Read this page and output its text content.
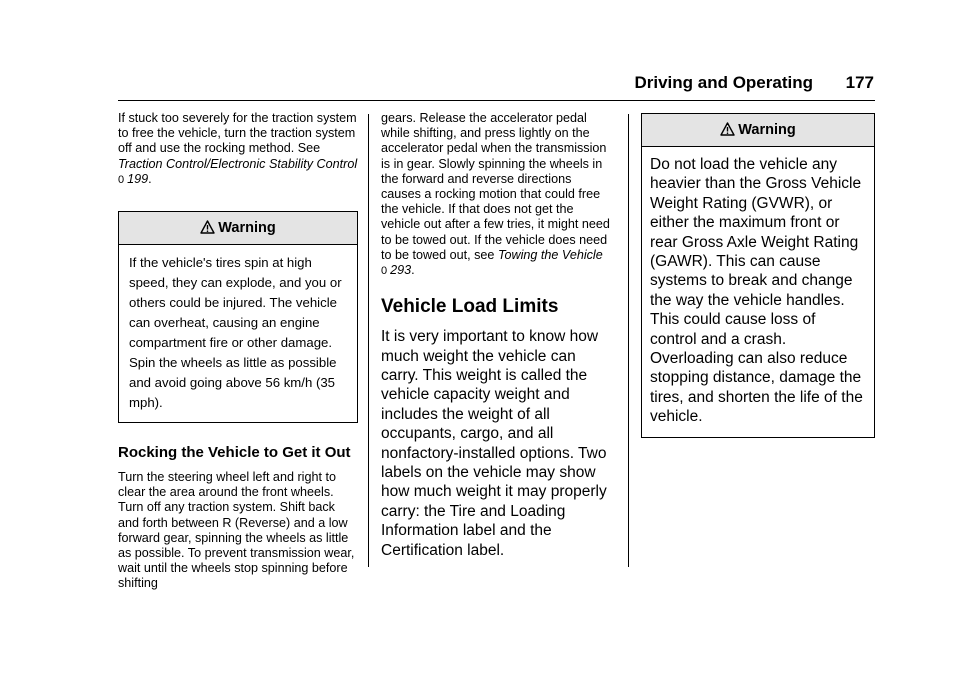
Driving and Operating 177

If stuck too severely for the traction system to free the vehicle, turn the traction system off and use the rocking method. See Traction Control/Electronic Stability Control
0 199.

Warning

If the vehicle's tires spin at high speed, they can explode, and you or others could be injured. The vehicle can overheat, causing an engine compartment fire or other damage. Spin the wheels as little as possible and avoid going above 56 km/h (35 mph).

Rocking the Vehicle to Get it Out

Turn the steering wheel left and right to clear the area around the front wheels. Turn off any traction system. Shift back and forth between R (Reverse) and a low forward gear, spinning the wheels as little as possible. To prevent transmission wear, wait until the wheels stop spinning before shifting

gears. Release the accelerator pedal while shifting, and press lightly on the accelerator pedal when the transmission is in gear. Slowly spinning the wheels in the forward and reverse directions causes a rocking motion that could free the vehicle. If that does not get the vehicle out after a few tries, it might need to be towed out. If the vehicle does need to be towed out, see Towing the Vehicle 0 293.

Vehicle Load Limits

It is very important to know how much weight the vehicle can carry. This weight is called the vehicle capacity weight and includes the weight of all occupants, cargo, and all nonfactory-installed options. Two labels on the vehicle may show how much weight it may properly carry: the Tire and Loading Information label and the Certification label.

Warning

Do not load the vehicle any heavier than the Gross Vehicle Weight Rating (GVWR), or either the maximum front or rear Gross Axle Weight Rating (GAWR). This can cause systems to break and change the way the vehicle handles. This could cause loss of control and a crash. Overloading can also reduce stopping distance, damage the tires, and shorten the life of the vehicle.
